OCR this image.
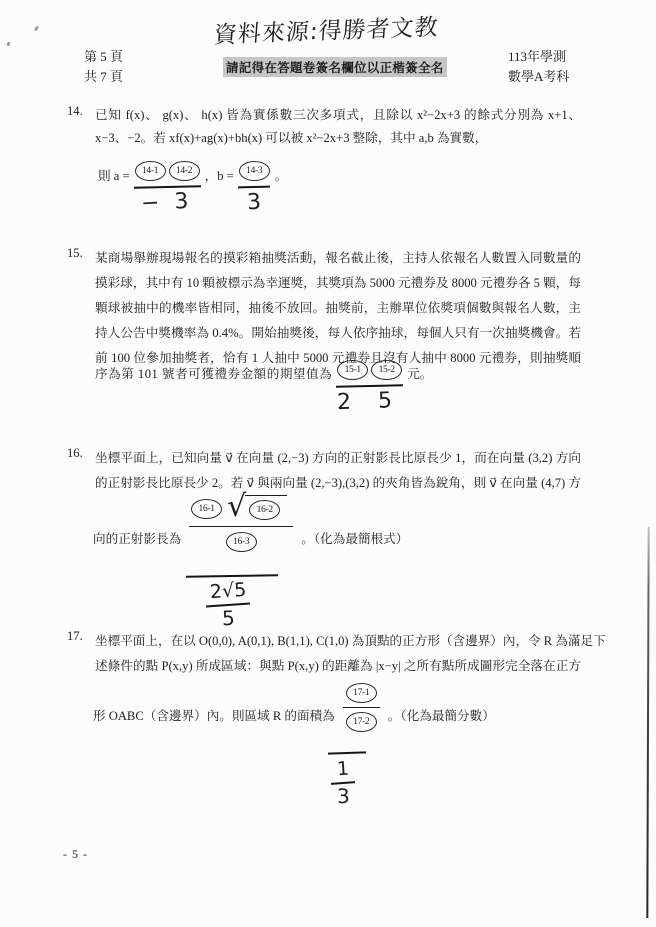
資料來源:得勝者文教
第 5 頁
共 7 頁
請記得在答題卷簽名欄位以正楷簽全名
113年學測
數學A考科
14. 已知 f(x)、 g(x)、 h(x) 皆為實係數三次多項式，且除以 x²−2x+3 的餘式分別為 x+1、
x−3、−2。若 xf(x)+ag(x)+bh(x) 可以被 x²−2x+3 整除，其中 a,b 為實數，
則 a =	14-1	14-2
− 3
，b =	14-3
3
。
15. 某商場舉辦現場報名的摸彩箱抽獎活動，報名截止後，主持人依報名人數置入同數量的
摸彩球，其中有 10 顆被標示為幸運獎，其獎項為 5000 元禮券及 8000 元禮券各 5 顆，每
顆球被抽中的機率皆相同，抽後不放回。抽獎前，主辦單位依獎項個數與報名人數，主
持人公告中獎機率為 0.4%。開始抽獎後，每人依序抽球，每個人只有一次抽獎機會。若
前 100 位參加抽獎者，恰有 1 人抽中 5000 元禮券且沒有人抽中 8000 元禮券，則抽獎順
序為第 101 號者可獲禮券金額的期望值為	15-1	15-2
2 5
元。
16. 坐標平面上，已知向量 v⃗ 在向量 (2,−3) 方向的正射影長比原長少 1，而在向量 (3,2) 方向
的正射影長比原長少 2。若 v⃗ 與兩向量 (2,−3),(3,2) 的夾角皆為銳角，則 v⃗ 在向量 (4,7) 方
向的正射影長為 16-1 √	16-2
16-3 。（化為最簡根式）
2√5
5
17. 坐標平面上，在以 O(0,0), A(0,1), B(1,1), C(1,0) 為頂點的正方形（含邊界）內，令 R 為滿足下
述條件的點 P(x,y) 所成區域：與點 P(x,y) 的距離為 |x−y| 之所有點所成圖形完全落在正方
形 OABC（含邊界）內。則區域 R 的面積為
17-1
17-2	。（化為最簡分數）
1
3
- 5 -
